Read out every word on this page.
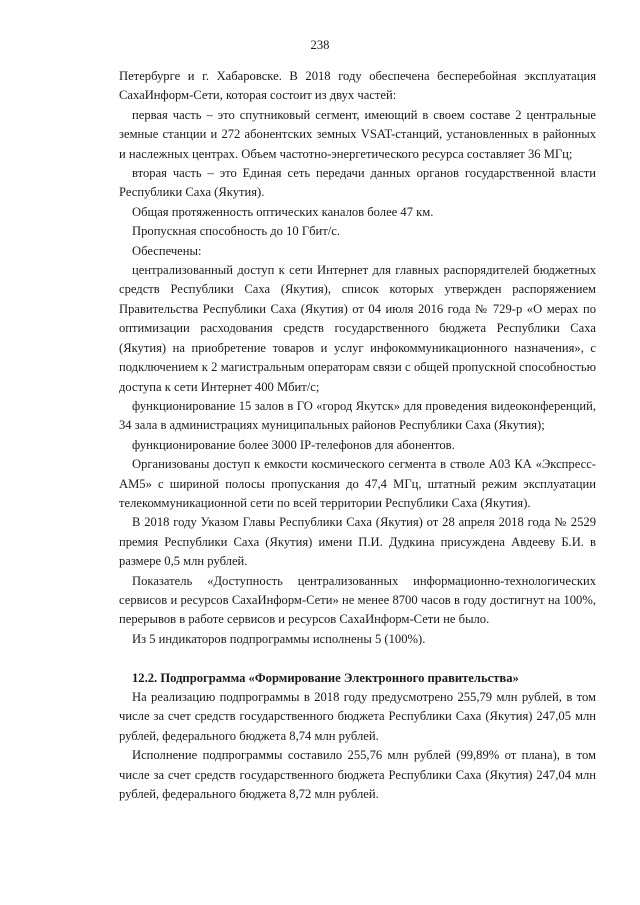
238

Петербурге и г. Хабаровске. В 2018 году обеспечена бесперебойная эксплуатация СахаИнформ-Сети, которая состоит из двух частей:

первая часть – это спутниковый сегмент, имеющий в своем составе 2 центральные земные станции и 272 абонентских земных VSAT-станций, установленных в районных и наслежных центрах. Объем частотно-энергетического ресурса составляет 36 МГц;

вторая часть – это Единая сеть передачи данных органов государственной власти Республики Саха (Якутия).

Общая протяженность оптических каналов более 47 км.

Пропускная способность до 10 Гбит/с.

Обеспечены:

централизованный доступ к сети Интернет для главных распорядителей бюджетных средств Республики Саха (Якутия), список которых утвержден распоряжением Правительства Республики Саха (Якутия) от 04 июля 2016 года № 729-р «О мерах по оптимизации расходования средств государственного бюджета Республики Саха (Якутия) на приобретение товаров и услуг инфокоммуникационного назначения», с подключением к 2 магистральным операторам связи с общей пропускной способностью доступа к сети Интернет 400 Мбит/с;

функционирование 15 залов в ГО «город Якутск» для проведения видеоконференций, 34 зала в администрациях муниципальных районов Республики Саха (Якутия);

функционирование более 3000 IP-телефонов для абонентов.

Организованы доступ к емкости космического сегмента в стволе А03 КА «Экспресс-АМ5» с шириной полосы пропускания до 47,4 МГц, штатный режим эксплуатации телекоммуникационной сети по всей территории Республики Саха (Якутия).

В 2018 году Указом Главы Республики Саха (Якутия) от 28 апреля 2018 года № 2529 премия Республики Саха (Якутия) имени П.И. Дудкина присуждена Авдееву Б.И. в размере 0,5 млн рублей.

Показатель «Доступность централизованных информационно-технологических сервисов и ресурсов СахаИнформ-Сети» не менее 8700 часов в году достигнут на 100%, перерывов в работе сервисов и ресурсов СахаИнформ-Сети не было.

Из 5 индикаторов подпрограммы исполнены 5 (100%).

12.2. Подпрограмма «Формирование Электронного правительства»

На реализацию подпрограммы в 2018 году предусмотрено 255,79 млн рублей, в том числе за счет средств государственного бюджета Республики Саха (Якутия) 247,05 млн рублей, федерального бюджета 8,74 млн рублей.

Исполнение подпрограммы составило 255,76 млн рублей (99,89% от плана), в том числе за счет средств государственного бюджета Республики Саха (Якутия) 247,04 млн рублей, федерального бюджета 8,72 млн рублей.
